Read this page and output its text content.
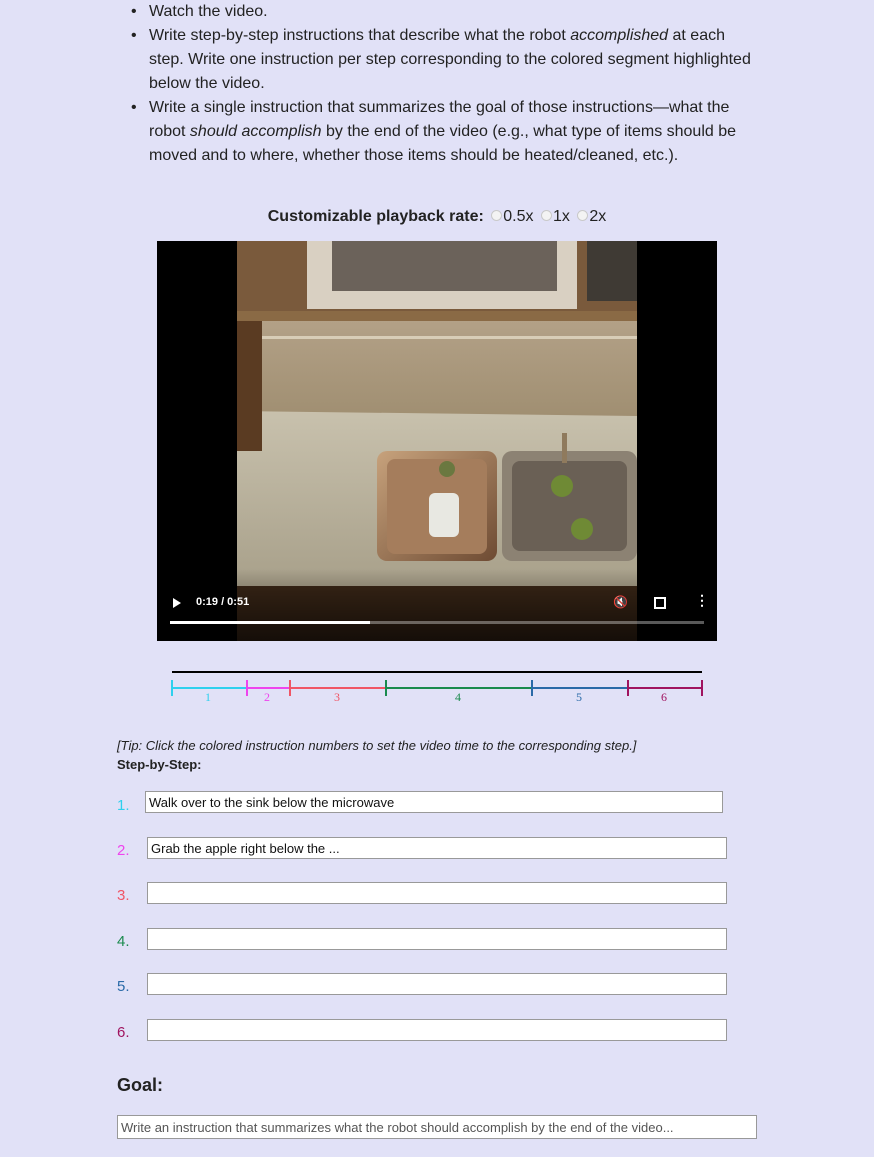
• Watch the video.
• Write step-by-step instructions that describe what the robot accomplished at each step. Write one instruction per step corresponding to the colored segment highlighted below the video.
• Write a single instruction that summarizes the goal of those instructions—what the robot should accomplish by the end of the video (e.g., what type of items should be moved and to where, whether those items should be heated/cleaned, etc.).
Customizable playback rate: 0.5x 1x 2x
0:19 / 0:51	🔇	⋮
1	2	3	4	5	6
[Tip: Click the colored instruction numbers to set the video time to the corresponding step.]
Step-by-Step:
1.
Walk over to the sink below the microwave
2.
Grab the apple right below the ...
3.
4.
5.
6.
Goal:
Write an instruction that summarizes what the robot should accomplish by the end of the video...
